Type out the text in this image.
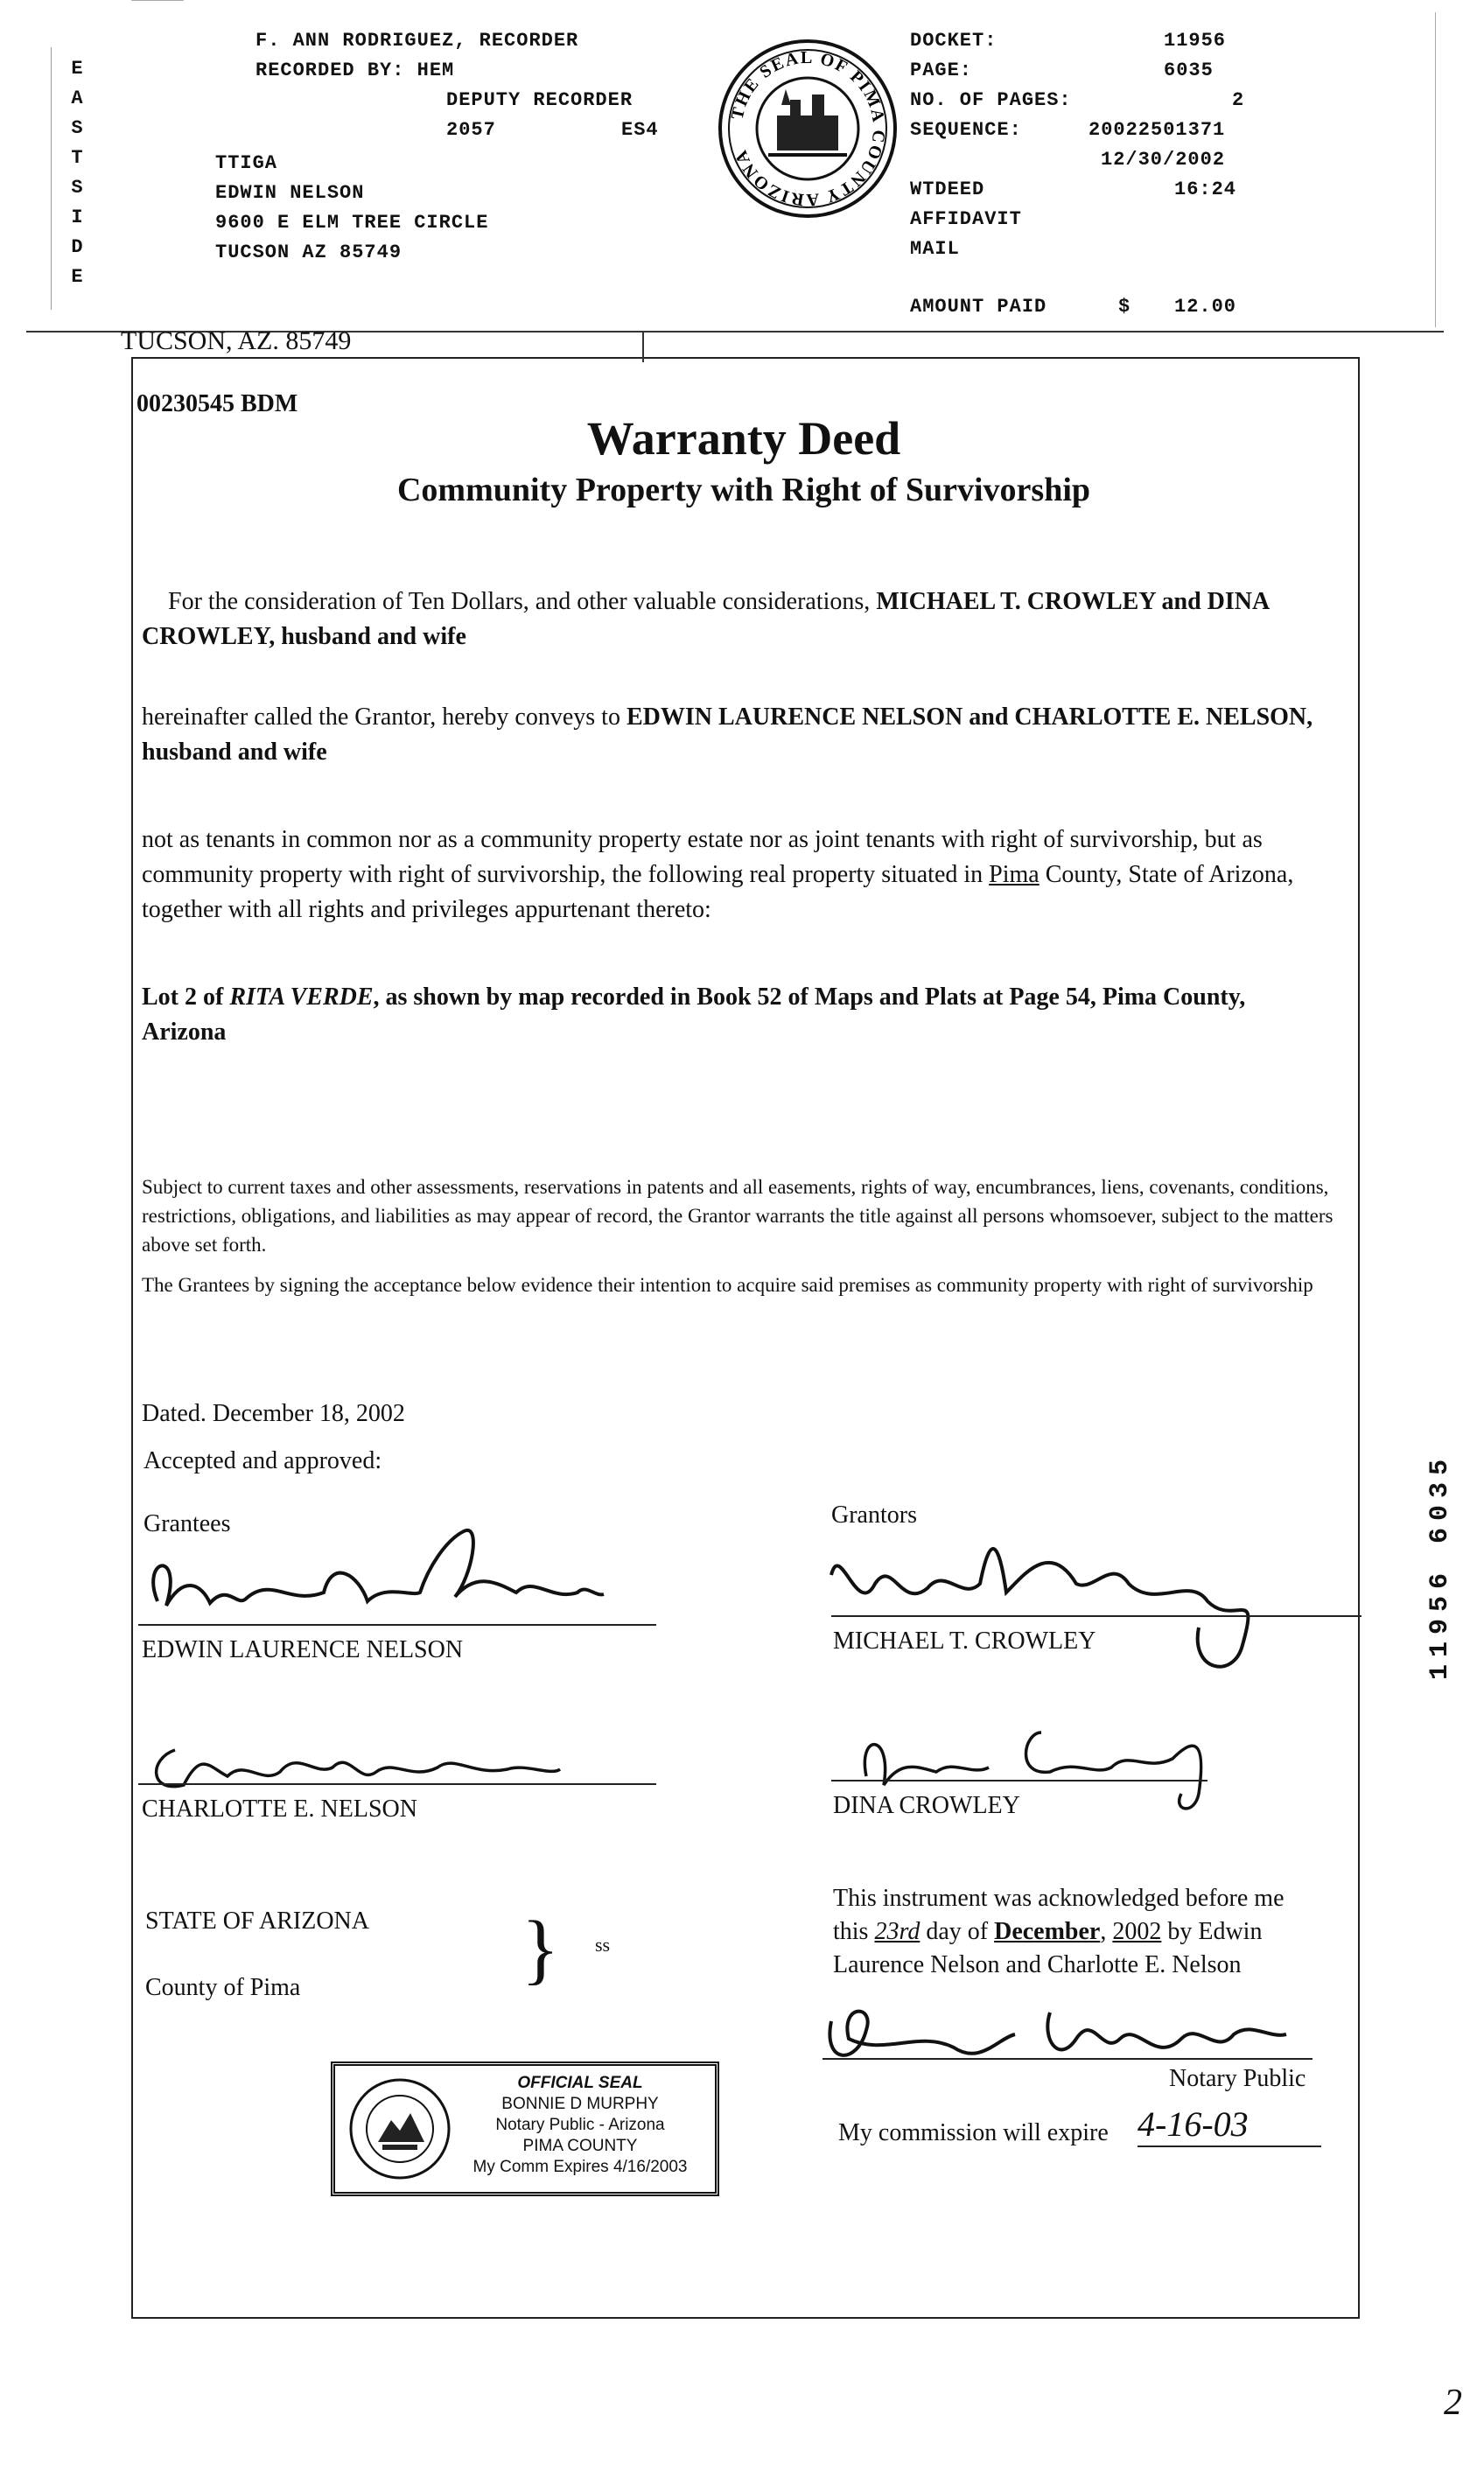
E
A
S
T
S
I
D
E
F. ANN RODRIGUEZ, RECORDER
RECORDED BY: HEM
DEPUTY RECORDER
2057	ES4
TTIGA
EDWIN NELSON
9600 E ELM TREE CIRCLE
TUCSON AZ 85749
THE SEAL OF PIMA COUNTY ARIZONA
DOCKET:	11956
PAGE:	6035
NO. OF PAGES:	2
SEQUENCE:	20022501371
12/30/2002
WTDEED	16:24
AFFIDAVIT
MAIL
AMOUNT PAID	$ 12.00
TUCSON, AZ. 85749
00230545 BDM
Warranty Deed
Community Property with Right of Survivorship
For the consideration of Ten Dollars, and other valuable considerations, MICHAEL T. CROWLEY and DINA CROWLEY, husband and wife
hereinafter called the Grantor, hereby conveys to EDWIN LAURENCE NELSON and CHARLOTTE E. NELSON, husband and wife
not as tenants in common nor as a community property estate nor as joint tenants with right of survivorship, but as community property with right of survivorship, the following real property situated in Pima County, State of Arizona, together with all rights and privileges appurtenant thereto:
Lot 2 of RITA VERDE, as shown by map recorded in Book 52 of Maps and Plats at Page 54, Pima County, Arizona
Subject to current taxes and other assessments, reservations in patents and all easements, rights of way, encumbrances, liens, covenants, conditions, restrictions, obligations, and liabilities as may appear of record, the Grantor warrants the title against all persons whomsoever, subject to the matters above set forth.
The Grantees by signing the acceptance below evidence their intention to acquire said premises as community property with right of survivorship
Dated. December 18, 2002
Accepted and approved:
Grantees	Grantors
EDWIN LAURENCE NELSON	MICHAEL T. CROWLEY
CHARLOTTE E. NELSON	DINA CROWLEY
STATE OF ARIZONA
County of Pima	} ss
This instrument was acknowledged before me
this 23rd day of December, 2002 by Edwin
Laurence Nelson and Charlotte E. Nelson
Notary Public
My commission will expire 4-16-03
OFFICIAL SEAL
BONNIE D MURPHY
Notary Public - Arizona
PIMA COUNTY
My Comm Expires 4/16/2003
11956 6035
2
